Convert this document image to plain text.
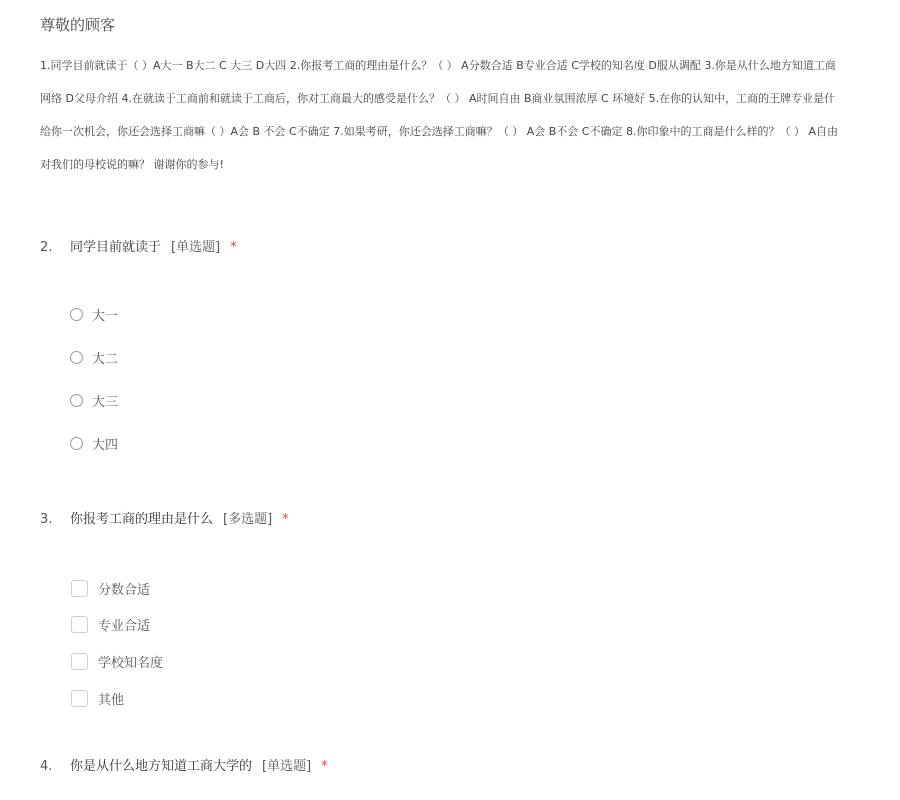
尊敬的顾客
1.同学目前就读于（ ）A大一 B大二 C 大三 D大四 2.你报考工商的理由是什么？（ ） A分数合适 B专业合适 C学校的知名度 D服从调配 3.你是从什么地方知道工商
网络 D父母介绍 4.在就读于工商前和就读于工商后，你对工商最大的感受是什么？（ ） A时间自由 B商业氛围浓厚 C 环境好 5.在你的认知中，工商的王牌专业是什
给你一次机会，你还会选择工商嘛（ ）A会 B 不会 C不确定 7.如果考研，你还会选择工商嘛？（ ） A会 B不会 C不确定 8.你印象中的工商是什么样的？（ ） A自由
对我们的母校说的嘛？ 谢谢你的参与!
2. 同学目前就读于 [单选题] *
大一
大二
大三
大四
3. 你报考工商的理由是什么 [多选题] *
分数合适
专业合适
学校知名度
其他
4. 你是从什么地方知道工商大学的 [单选题] *
